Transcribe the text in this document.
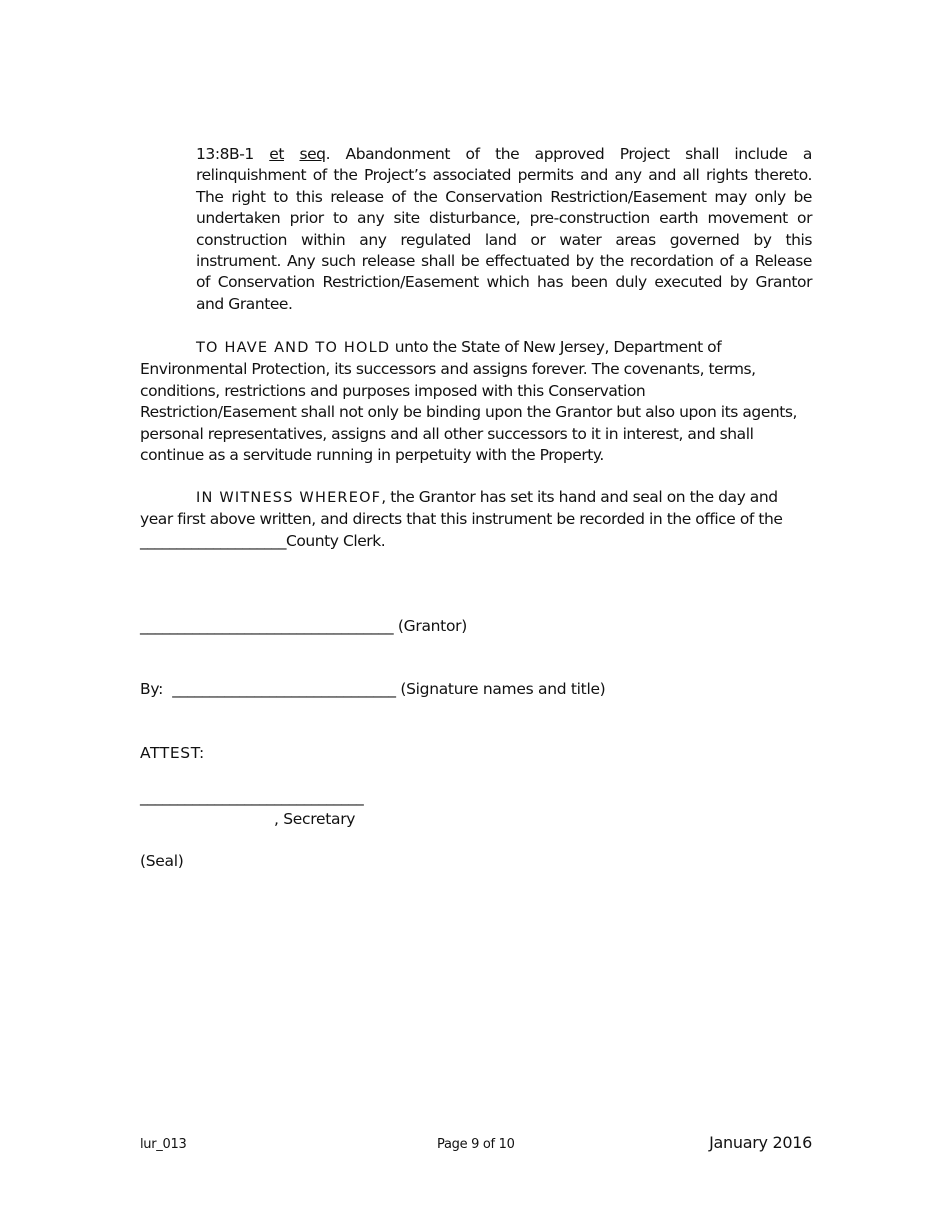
13:8B-1 et seq. Abandonment of the approved Project shall include a
relinquishment of the Project’s associated permits and any and all rights thereto.
The right to this release of the Conservation Restriction/Easement may only be
undertaken prior to any site disturbance, pre-construction earth movement or
construction within any regulated land or water areas governed by this
instrument. Any such release shall be effectuated by the recordation of a Release
of Conservation Restriction/Easement which has been duly executed by Grantor
and Grantee.
TO HAVE AND TO HOLD unto the State of New Jersey, Department of
Environmental Protection, its successors and assigns forever. The covenants, terms,
conditions, restrictions and purposes imposed with this Conservation
Restriction/Easement shall not only be binding upon the Grantor but also upon its agents,
personal representatives, assigns and all other successors to it in interest, and shall
continue as a servitude running in perpetuity with the Property.
IN WITNESS WHEREOF, the Grantor has set its hand and seal on the day and
year first above written, and directs that this instrument be recorded in the office of the
____________________County Clerk.
__________________________________ (Grantor)
By:  ______________________________ (Signature names and title)
ATTEST:
______________________________
, Secretary
(Seal)
lur_013	Page 9 of 10	January 2016
